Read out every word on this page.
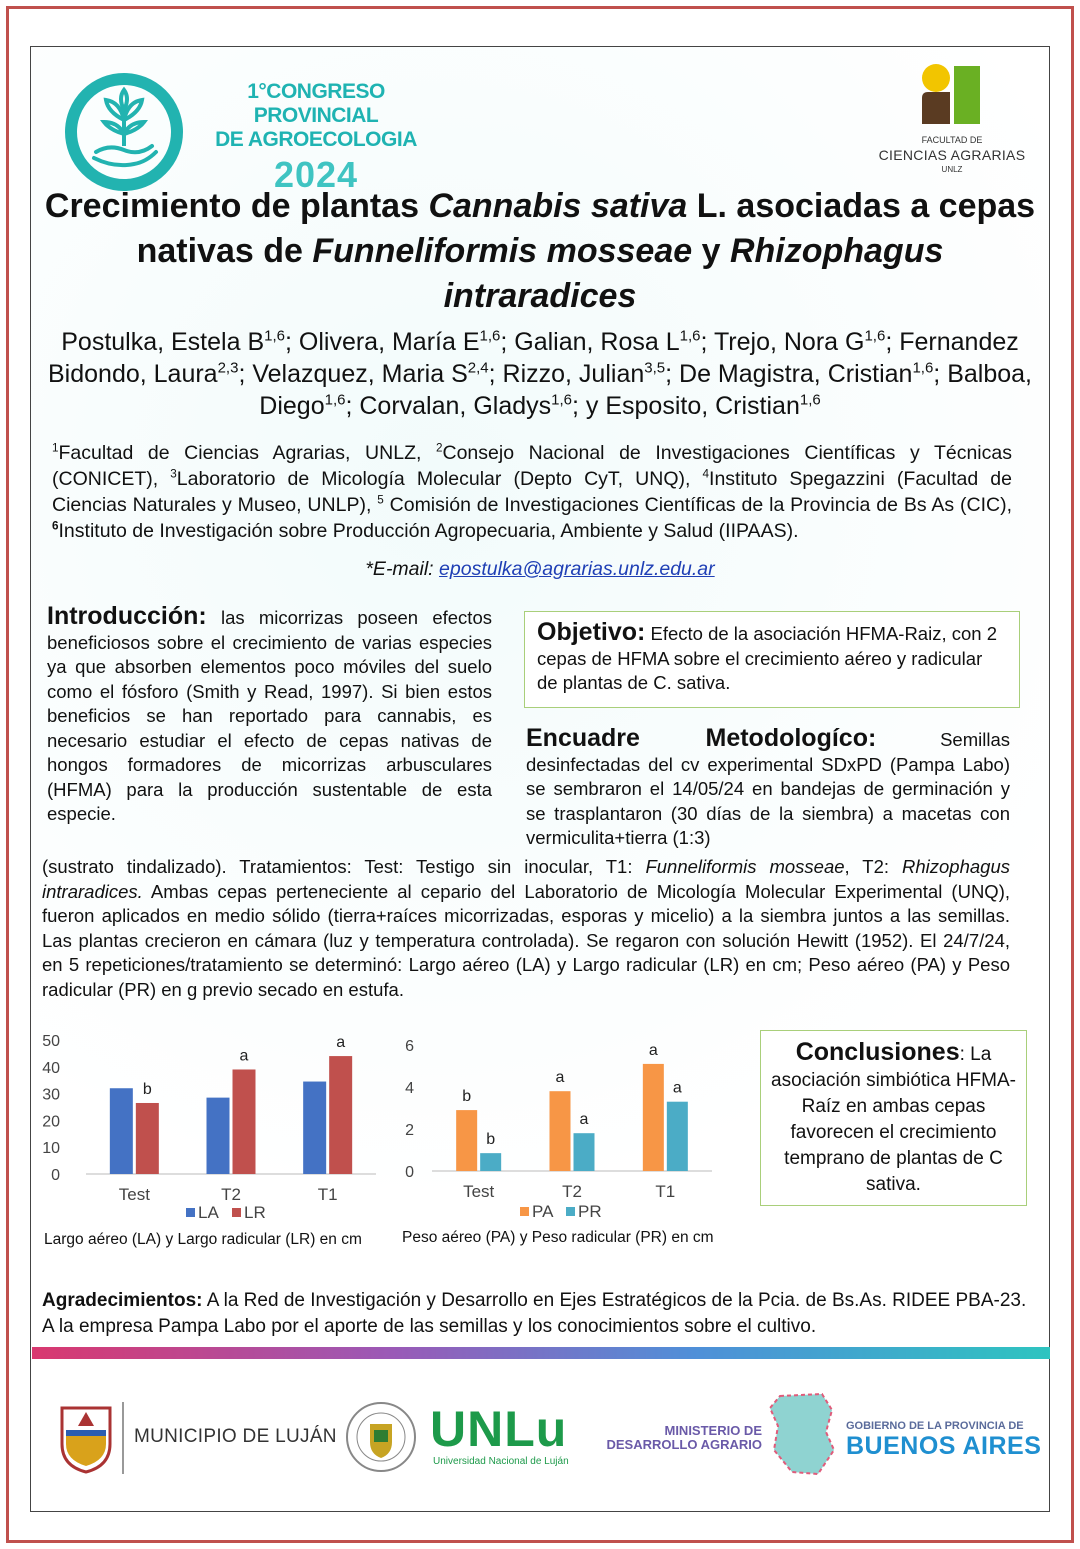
1°CONGRESO PROVINCIAL
DE AGROECOLOGIA
2024
FACULTAD DE
CIENCIAS AGRARIAS
UNLZ
Crecimiento de plantas Cannabis sativa L. asociadas a cepas nativas de Funneliformis mosseae y Rhizophagus intraradices
Postulka, Estela B$^{1,6}$; Olivera, María E$^{1,6}$; Galian, Rosa L$^{1,6}$; Trejo, Nora G$^{1,6}$; Fernandez Bidondo, Laura$^{2,3}$; Velazquez, Maria S$^{2,4}$; Rizzo, Julian$^{3,5}$; De Magistra, Cristian$^{1,6}$; Balboa, Diego$^{1,6}$; Corvalan, Gladys$^{1,6}$; y Esposito, Cristian$^{1,6}$
$^1$Facultad de Ciencias Agrarias, UNLZ, $^2$Consejo Nacional de Investigaciones Científicas y Técnicas (CONICET), $^3$Laboratorio de Micología Molecular (Depto CyT, UNQ), $^4$Instituto Spegazzini (Facultad de Ciencias Naturales y Museo, UNLP), $^5$ Comisión de Investigaciones Científicas de la Provincia de Bs As (CIC), $^6$Instituto de Investigación sobre Producción Agropecuaria, Ambiente y Salud (IIPAAS).
*E-mail: epostulka@agrarias.unlz.edu.ar
Introducción: las micorrizas poseen efectos beneficiosos sobre el crecimiento de varias especies ya que absorben elementos poco móviles del suelo como el fósforo (Smith y Read, 1997). Si bien estos beneficios se han reportado para cannabis, es necesario estudiar el efecto de cepas nativas de hongos formadores de micorrizas arbusculares (HFMA) para la producción sustentable de esta especie.
Objetivo: Efecto de la asociación HFMA-Raiz, con 2 cepas de HFMA sobre el crecimiento aéreo y radicular de plantas de C. sativa.
Encuadre Metodologíco: Semillas desinfectadas del cv experimental SDxPD (Pampa Labo) se sembraron el 14/05/24 en bandejas de germinación y se trasplantaron (30 días de la siembra) a macetas con vermiculita+tierra (1:3)
(sustrato tindalizado). Tratamientos: Test: Testigo sin inocular, T1: Funneliformis mosseae, T2: Rhizophagus intraradices. Ambas cepas perteneciente al cepario del Laboratorio de Micología Molecular Experimental (UNQ), fueron aplicados en medio sólido (tierra+raíces micorrizadas, esporas y micelio) a la siembra juntos a las semillas. Las plantas crecieron en cámara (luz y temperatura controlada). Se regaron con solución Hewitt (1952). El 24/7/24, en 5 repeticiones/tratamiento se determinó: Largo aéreo (LA) y Largo radicular (LR) en cm; Peso aéreo (PA) y Peso radicular (PR) en g previo secado en estufa.
0
10
20
30
40
50
b
Test
a
T2
a
T1
LA LR
0
2
4
6
b
b
Test
a
a
T2
a
a
T1
PA PR
Largo aéreo (LA) y Largo radicular (LR) en cm	Peso aéreo (PA) y Peso radicular (PR) en cm
Conclusiones: La asociación simbiótica HFMA-Raíz en ambas cepas favorecen el crecimiento temprano de plantas de C sativa.
Agradecimientos: A la Red de Investigación y Desarrollo en Ejes Estratégicos de la Pcia. de Bs.As. RIDEE PBA-23. A la empresa Pampa Labo por el aporte de las semillas y los conocimientos sobre el cultivo.
MUNICIPIO DE LUJÁN UNLu
Universidad Nacional de Luján
MINISTERIO DE
DESARROLLO AGRARIO
GOBIERNO DE LA PROVINCIA DE
BUENOS AIRES
